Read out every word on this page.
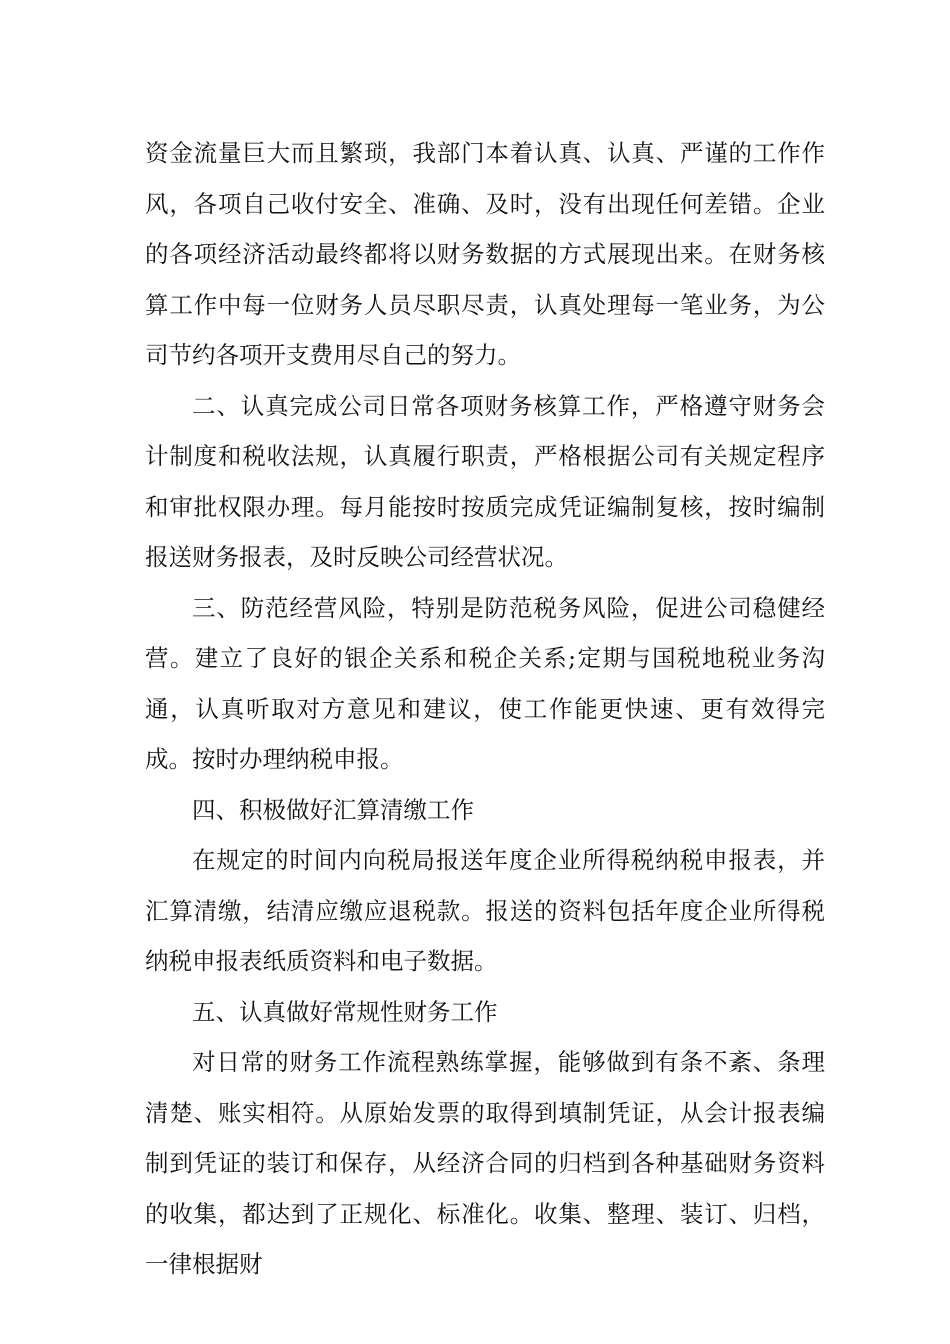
资金流量巨大而且繁琐，我部门本着认真、认真、严谨的工作作风，各项自己收付安全、准确、及时，没有出现任何差错。企业的各项经济活动最终都将以财务数据的方式展现出来。在财务核算工作中每一位财务人员尽职尽责，认真处理每一笔业务，为公司节约各项开支费用尽自己的努力。

二、认真完成公司日常各项财务核算工作，严格遵守财务会计制度和税收法规，认真履行职责，严格根据公司有关规定程序和审批权限办理。每月能按时按质完成凭证编制复核，按时编制报送财务报表，及时反映公司经营状况。

三、防范经营风险，特别是防范税务风险，促进公司稳健经营。建立了良好的银企关系和税企关系;定期与国税地税业务沟通，认真听取对方意见和建议，使工作能更快速、更有效得完成。按时办理纳税申报。

四、积极做好汇算清缴工作

在规定的时间内向税局报送年度企业所得税纳税申报表，并汇算清缴，结清应缴应退税款。报送的资料包括年度企业所得税纳税申报表纸质资料和电子数据。

五、认真做好常规性财务工作

对日常的财务工作流程熟练掌握，能够做到有条不紊、条理清楚、账实相符。从原始发票的取得到填制凭证，从会计报表编制到凭证的装订和保存，从经济合同的归档到各种基础财务资料的收集，都达到了正规化、标准化。收集、整理、装订、归档，一律根据财
